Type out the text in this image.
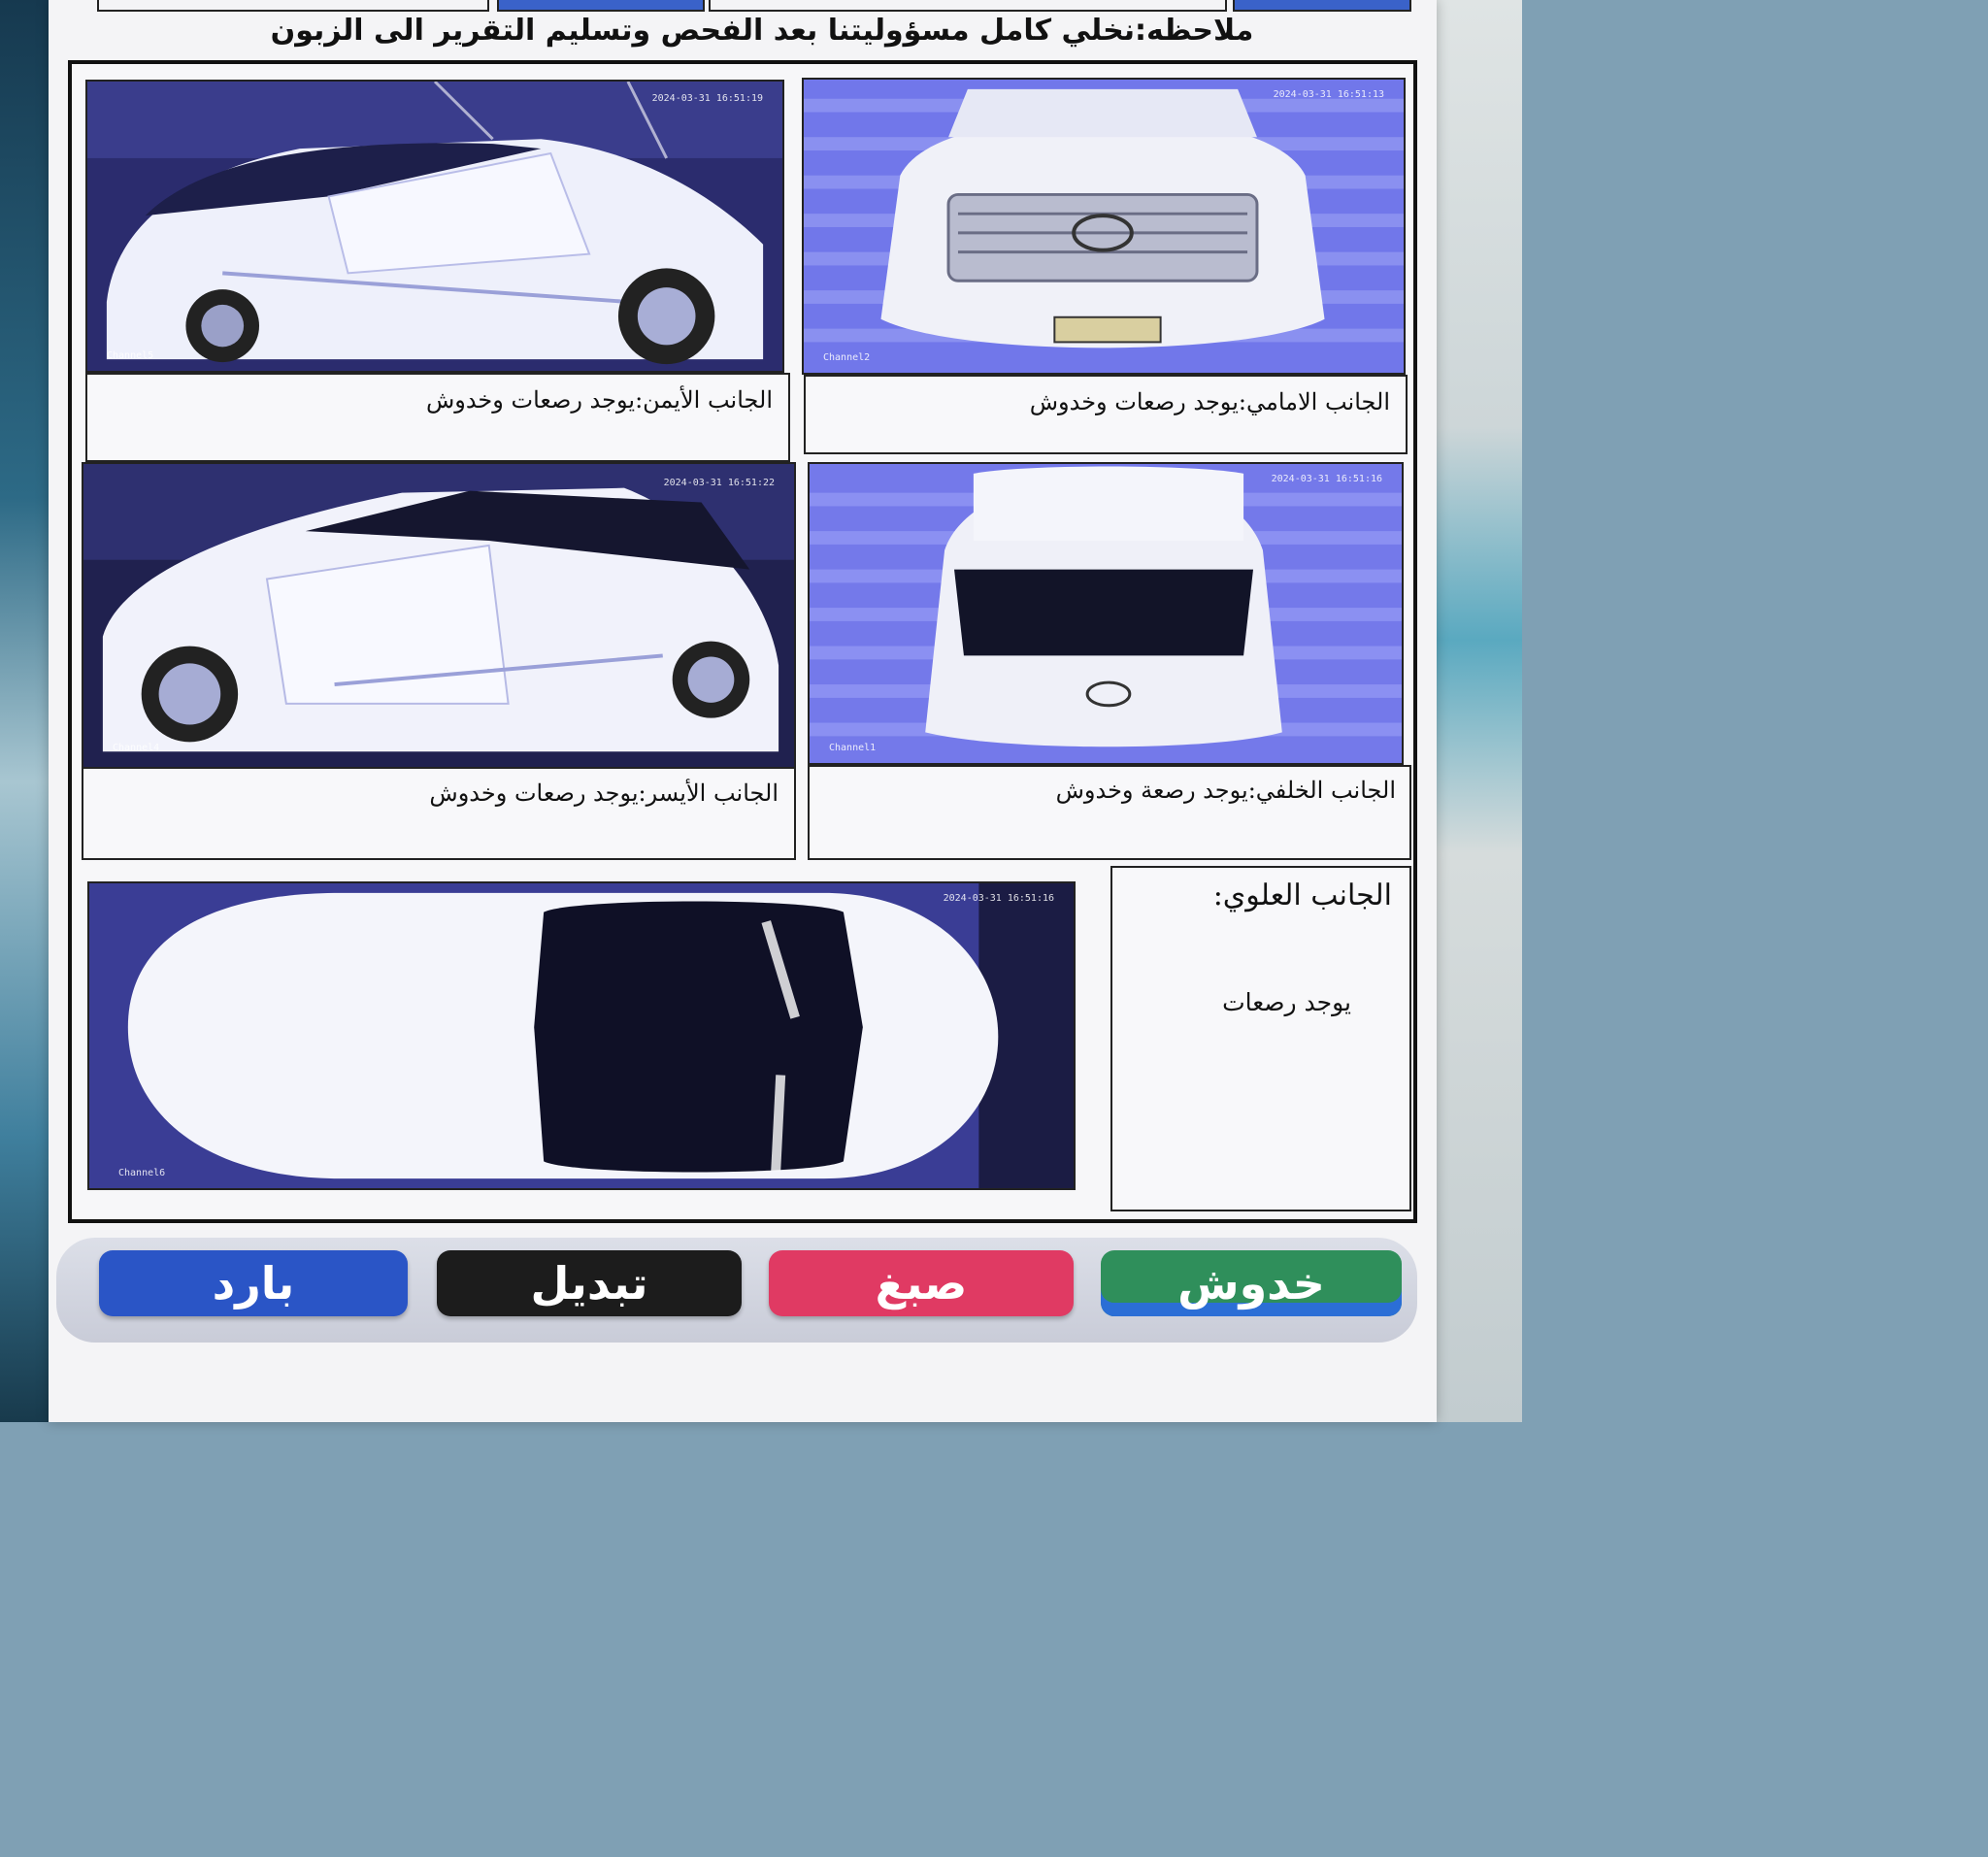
ملاحظه:نخلي كامل مسؤوليتنا بعد الفحص وتسليم التقرير الى الزبون
2024-03-31 16:51:19
Channel5
2024-03-31 16:51:13
Channel2
الجانب الأيمن:يوجد رصعات وخدوش	الجانب الامامي:يوجد رصعات وخدوش
2024-03-31 16:51:22
Channel4
2024-03-31 16:51:16
Channel1
الجانب الأيسر:يوجد رصعات وخدوش	الجانب الخلفي:يوجد رصعة وخدوش
2024-03-31 16:51:16
Channel6
الجانب العلوي:
يوجد رصعات
خدوش
صبغ
تبديل
بارد
